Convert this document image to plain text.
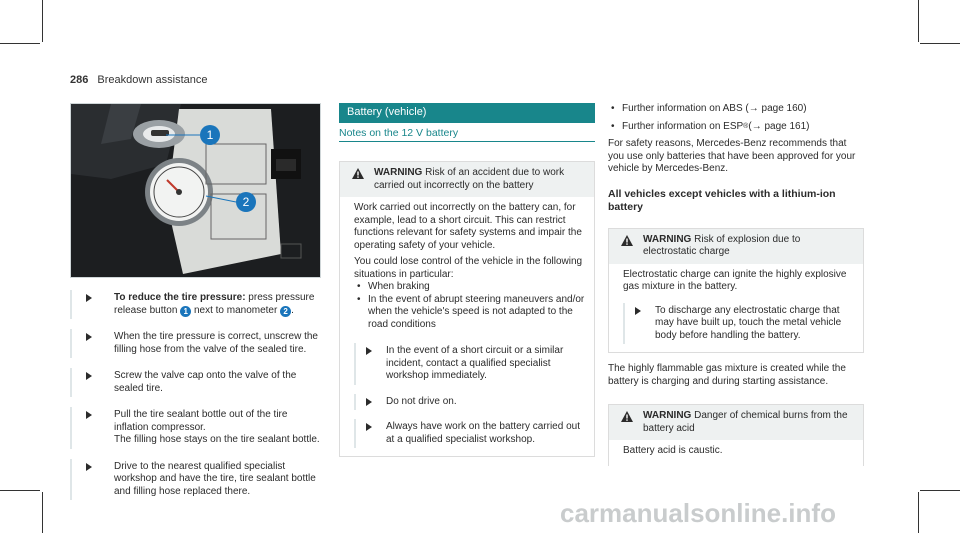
286 Breakdown assistance
1
2
To reduce the tire pressure: press pressure release button 1 next to manometer 2 .
When the tire pressure is correct, unscrew the filling hose from the valve of the sealed tire.
Screw the valve cap onto the valve of the sealed tire.
Pull the tire sealant bottle out of the tire inflation compressor.
The filling hose stays on the tire sealant bottle.
Drive to the nearest qualified specialist workshop and have the tire, tire sealant bottle and filling hose replaced there.
Battery (vehicle)
Notes on the 12 V battery
WARNING Risk of an accident due to work carried out incorrectly on the battery
Work carried out incorrectly on the battery can, for example, lead to a short circuit. This can restrict functions relevant for safety systems and impair the operating safety of your vehicle.
You could lose control of the vehicle in the following situations in particular:
• When braking
• In the event of abrupt steering maneuvers and/or when the vehicle's speed is not adapted to the road conditions
In the event of a short circuit or a similar incident, contact a qualified specialist workshop immediately.
Do not drive on.
Always have work on the battery carried out at a qualified specialist workshop.
• Further information on ABS (→ page 160)
• Further information on ESP®(→ page 161)
For safety reasons, Mercedes-Benz recommends that you use only batteries that have been approved for your vehicle by Mercedes-Benz.
All vehicles except vehicles with a lithium-ion battery
WARNING Risk of explosion due to electrostatic charge
Electrostatic charge can ignite the highly explosive gas mixture in the battery.
To discharge any electrostatic charge that may have built up, touch the metal vehicle body before handling the battery.
The highly flammable gas mixture is created while the battery is charging and during starting assistance.
WARNING Danger of chemical burns from the battery acid
Battery acid is caustic.
carmanualsonline.info
